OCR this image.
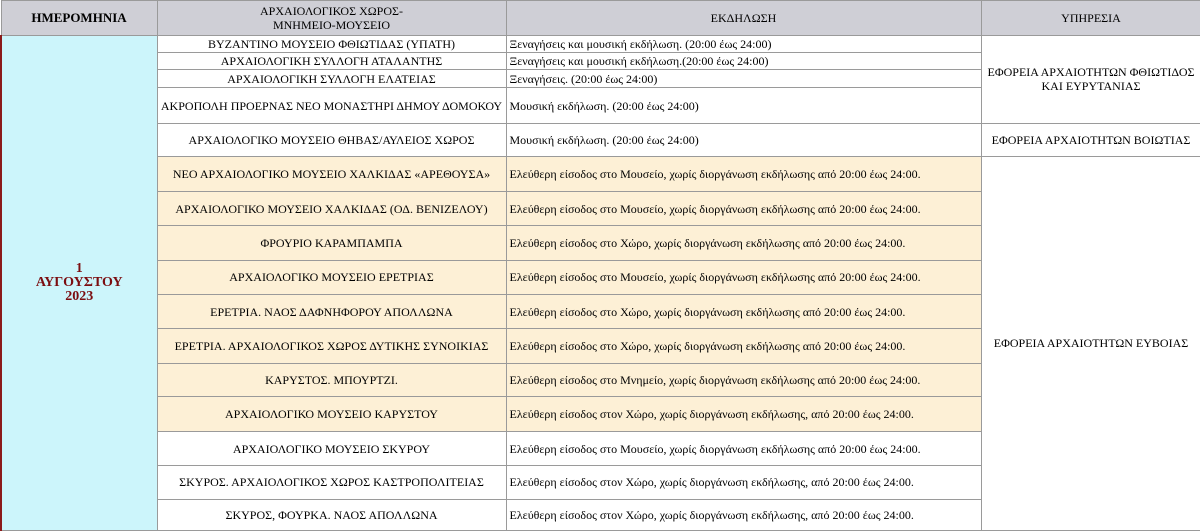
ΗΜΕΡΟΜΗΝΙΑ	ΑΡΧΑΙΟΛΟΓΙΚΟΣ ΧΩΡΟΣ-
ΜΝΗΜΕΙΟ-ΜΟΥΣΕΙΟ	ΕΚΔΗΛΩΣΗ	ΥΠΗΡΕΣΙΑ

1
ΑΥΓΟΥΣΤΟΥ
2023	ΒΥΖΑΝΤΙΝΟ ΜΟΥΣΕΙΟ ΦΘΙΩΤΙΔΑΣ (ΥΠΑΤΗ)	Ξεναγήσεις και μουσική εκδήλωση. (20:00 έως 24:00)	ΕΦΟΡΕΙΑ ΑΡΧΑΙΟΤΗΤΩΝ ΦΘΙΩΤΙΔΟΣ ΚΑΙ ΕΥΡΥΤΑΝΙΑΣ
	ΑΡΧΑΙΟΛΟΓΙΚΗ ΣΥΛΛΟΓΗ ΑΤΑΛΑΝΤΗΣ	Ξεναγήσεις και μουσική εκδήλωση.(20:00 έως 24:00)	
	ΑΡΧΑΙΟΛΟΓΙΚΗ ΣΥΛΛΟΓΗ ΕΛΑΤΕΙΑΣ	Ξεναγήσεις. (20:00 έως 24:00)	
	ΑΚΡΟΠΟΛΗ ΠΡΟΕΡΝΑΣ ΝΕΟ ΜΟΝΑΣΤΗΡΙ ΔΗΜΟΥ ΔΟΜΟΚΟΥ	Μουσική εκδήλωση. (20:00 έως 24:00)	
	ΑΡΧΑΙΟΛΟΓΙΚΟ ΜΟΥΣΕΙΟ ΘΗΒΑΣ/ΑΥΛΕΙΟΣ ΧΩΡΟΣ	Μουσική εκδήλωση. (20:00 έως 24:00)	ΕΦΟΡΕΙΑ ΑΡΧΑΙΟΤΗΤΩΝ ΒΟΙΩΤΙΑΣ
	ΝΕΟ ΑΡΧΑΙΟΛΟΓΙΚΟ ΜΟΥΣΕΙΟ ΧΑΛΚΙΔΑΣ «ΑΡΕΘΟΥΣΑ»	Ελεύθερη είσοδος στο Μουσείο, χωρίς διοργάνωση εκδήλωσης από 20:00 έως 24:00.	ΕΦΟΡΕΙΑ ΑΡΧΑΙΟΤΗΤΩΝ ΕΥΒΟΙΑΣ
	ΑΡΧΑΙΟΛΟΓΙΚΟ ΜΟΥΣΕΙΟ ΧΑΛΚΙΔΑΣ (ΟΔ. ΒΕΝΙΖΕΛΟΥ)	Ελεύθερη είσοδος στο Μουσείο, χωρίς διοργάνωση εκδήλωσης από 20:00 έως 24:00.	
	ΦΡΟΥΡΙΟ ΚΑΡΑΜΠΑΜΠΑ	Ελεύθερη είσοδος στο Χώρο, χωρίς διοργάνωση εκδήλωσης από 20:00 έως 24:00.	
	ΑΡΧΑΙΟΛΟΓΙΚΟ ΜΟΥΣΕΙΟ ΕΡΕΤΡΙΑΣ	Ελεύθερη είσοδος στο Μουσείο, χωρίς διοργάνωση εκδήλωσης από 20:00 έως 24:00.	
	ΕΡΕΤΡΙΑ. ΝΑΟΣ ΔΑΦΝΗΦΟΡΟΥ ΑΠΟΛΛΩΝΑ	Ελεύθερη είσοδος στο Χώρο, χωρίς διοργάνωση εκδήλωσης από 20:00 έως 24:00.	
	ΕΡΕΤΡΙΑ. ΑΡΧΑΙΟΛΟΓΙΚΟΣ ΧΩΡΟΣ ΔΥΤΙΚΗΣ ΣΥΝΟΙΚΙΑΣ	Ελεύθερη είσοδος στο Χώρο, χωρίς διοργάνωση εκδήλωσης από 20:00 έως 24:00.	
	ΚΑΡΥΣΤΟΣ. ΜΠΟΥΡΤΖΙ.	Ελεύθερη είσοδος στο Μνημείο, χωρίς διοργάνωση εκδήλωσης από 20:00 έως 24:00.	
	ΑΡΧΑΙΟΛΟΓΙΚΟ ΜΟΥΣΕΙΟ ΚΑΡΥΣΤΟΥ	Ελεύθερη είσοδος στον Χώρο, χωρίς διοργάνωση εκδήλωσης, από 20:00 έως 24:00.	
	ΑΡΧΑΙΟΛΟΓΙΚΟ ΜΟΥΣΕΙΟ ΣΚΥΡΟΥ	Ελεύθερη είσοδος στο Μουσείο, χωρίς διοργάνωση εκδήλωσης από 20:00 έως 24:00.	
	ΣΚΥΡΟΣ. ΑΡΧΑΙΟΛΟΓΙΚΟΣ ΧΩΡΟΣ ΚΑΣΤΡΟΠΟΛΙΤΕΙΑΣ	Ελεύθερη είσοδος στον Χώρο, χωρίς διοργάνωση εκδήλωσης, από 20:00 έως 24:00.	
	ΣΚΥΡΟΣ, ΦΟΥΡΚΑ. ΝΑΟΣ ΑΠΟΛΛΩΝΑ	Ελεύθερη είσοδος στον Χώρο, χωρίς διοργάνωση εκδήλωσης, από 20:00 έως 24:00.	
